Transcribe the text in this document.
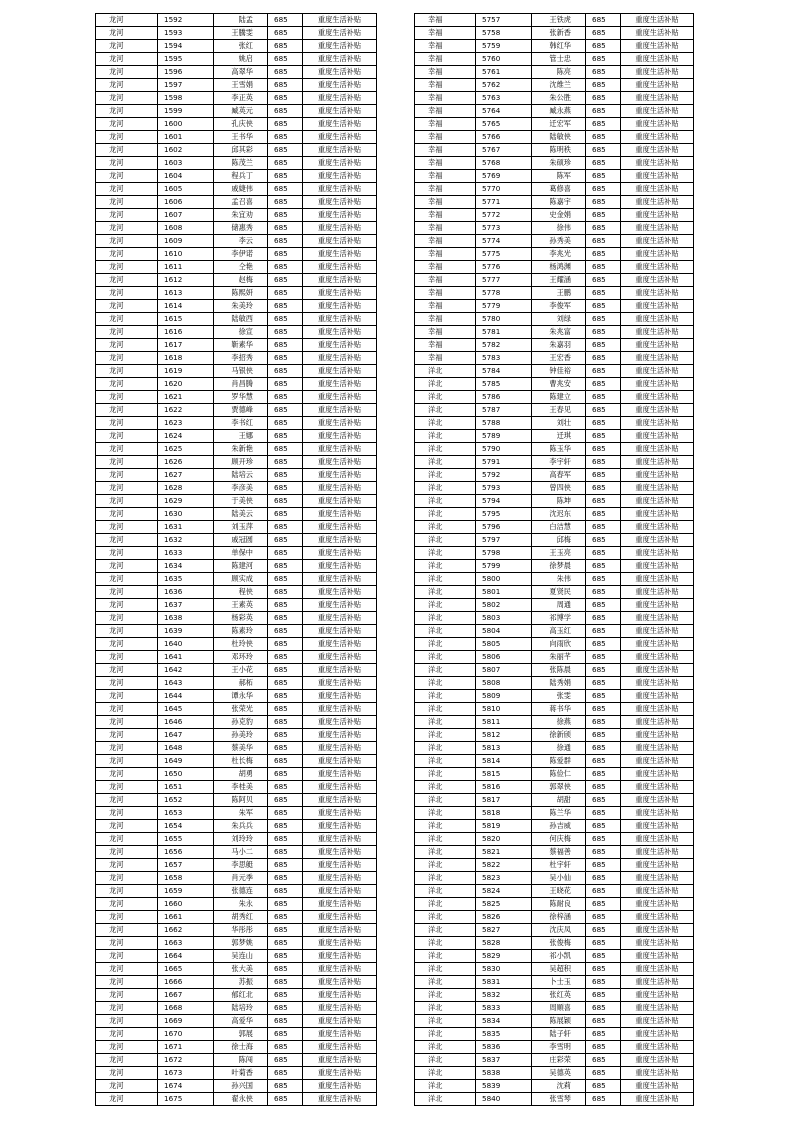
龙河	1592	陆孟	685	重度生活补贴
龙河	1593	王騰雯	685	重度生活补贴
龙河	1594	张红	685	重度生活补贴
龙河	1595	姚启	685	重度生活补贴
龙河	1596	高翠华	685	重度生活补贴
龙河	1597	王雪娟	685	重度生活补贴
龙河	1598	李正英	685	重度生活补贴
龙河	1599	臧英元	685	重度生活补贴
龙河	1600	孔庆侠	685	重度生活补贴
龙河	1601	王书华	685	重度生活补贴
龙河	1602	邱其彩	685	重度生活补贴
龙河	1603	陈茂兰	685	重度生活补贴
龙河	1604	程兵丁	685	重度生活补贴
龙河	1605	戚婕伟	685	重度生活补贴
龙河	1606	孟召喜	685	重度生活补贴
龙河	1607	朱宜劝	685	重度生活补贴
龙河	1608	储惠秀	685	重度生活补贴
龙河	1609	李云	685	重度生活补贴
龙河	1610	李伊诺	685	重度生活补贴
龙河	1611	仝艳	685	重度生活补贴
龙河	1612	赵梅	685	重度生活补贴
龙河	1613	陈熙妍	685	重度生活补贴
龙河	1614	朱美玲	685	重度生活补贴
龙河	1615	陆敏西	685	重度生活补贴
龙河	1616	徐宣	685	重度生活补贴
龙河	1617	靳素华	685	重度生活补贴
龙河	1618	李招秀	685	重度生活补贴
龙河	1619	马银侠	685	重度生活补贴
龙河	1620	肖昌腾	685	重度生活补贴
龙河	1621	罗华慧	685	重度生活补贴
龙河	1622	贾德峰	685	重度生活补贴
龙河	1623	李书红	685	重度生活补贴
龙河	1624	王娜	685	重度生活补贴
龙河	1625	朱新艳	685	重度生活补贴
龙河	1626	顾开珍	685	重度生活补贴
龙河	1627	陆培云	685	重度生活补贴
龙河	1628	李彦美	685	重度生活补贴
龙河	1629	于美侠	685	重度生活补贴
龙河	1630	陆美云	685	重度生活补贴
龙河	1631	刘玉萍	685	重度生活补贴
龙河	1632	戚冠圆	685	重度生活补贴
龙河	1633	单保中	685	重度生活补贴
龙河	1634	陈建河	685	重度生活补贴
龙河	1635	顾实成	685	重度生活补贴
龙河	1636	程侠	685	重度生活补贴
龙河	1637	王素英	685	重度生活补贴
龙河	1638	杨彩英	685	重度生活补贴
龙河	1639	陈素玲	685	重度生活补贴
龙河	1640	杜玲侠	685	重度生活补贴
龙河	1641	邓环玲	685	重度生活补贴
龙河	1642	王小花	685	重度生活补贴
龙河	1643	郝柘	685	重度生活补贴
龙河	1644	谭永华	685	重度生活补贴
龙河	1645	张荣光	685	重度生活补贴
龙河	1646	孙克豹	685	重度生活补贴
龙河	1647	孙美玲	685	重度生活补贴
龙河	1648	蔡美华	685	重度生活补贴
龙河	1649	杜长梅	685	重度生活补贴
龙河	1650	胡勇	685	重度生活补贴
龙河	1651	李桂美	685	重度生活补贴
龙河	1652	陈阿贝	685	重度生活补贴
龙河	1653	朱军	685	重度生活补贴
龙河	1654	朱兵兵	685	重度生活补贴
龙河	1655	刘玲玲	685	重度生活补贴
龙河	1656	马小二	685	重度生活补贴
龙河	1657	李思艇	685	重度生活补贴
龙河	1658	肖元季	685	重度生活补贴
龙河	1659	张德连	685	重度生活补贴
龙河	1660	朱永	685	重度生活补贴
龙河	1661	胡秀红	685	重度生活补贴
龙河	1662	华彤彤	685	重度生活补贴
龙河	1663	郭梦姚	685	重度生活补贴
龙河	1664	吴连山	685	重度生活补贴
龙河	1665	张大美	685	重度生活补贴
龙河	1666	苏振	685	重度生活补贴
龙河	1667	郁红北	685	重度生活补贴
龙河	1668	陆培玲	685	重度生活补贴
龙河	1669	高爱华	685	重度生活补贴
龙河	1670	郭展	685	重度生活补贴
龙河	1671	徐士海	685	重度生活补贴
龙河	1672	陈闯	685	重度生活补贴
龙河	1673	叶菊香	685	重度生活补贴
龙河	1674	孙兴国	685	重度生活补贴
龙河	1675	翟永侠	685	重度生活补贴
幸福	5757	王铁虎	685	重度生活补贴
幸福	5758	张新香	685	重度生活补贴
幸福	5759	韩红华	685	重度生活补贴
幸福	5760	管士忠	685	重度生活补贴
幸福	5761	陈亮	685	重度生活补贴
幸福	5762	沈维兰	685	重度生活补贴
幸福	5763	朱公胜	685	重度生活补贴
幸福	5764	臧永燕	685	重度生活补贴
幸福	5765	迁宏军	685	重度生活补贴
幸福	5766	陆敏侠	685	重度生活补贴
幸福	5767	陈明秩	685	重度生活补贴
幸福	5768	朱硕珍	685	重度生活补贴
幸福	5769	陈军	685	重度生活补贴
幸福	5770	葛修喜	685	重度生活补贴
幸福	5771	陈嘉宇	685	重度生活补贴
幸福	5772	史金娟	685	重度生活补贴
幸福	5773	徐伟	685	重度生活补贴
幸福	5774	孙秀美	685	重度生活补贴
幸福	5775	李兆光	685	重度生活补贴
幸福	5776	杨鸿渊	685	重度生活补贴
幸福	5777	王耀涵	685	重度生活补贴
幸福	5778	王鹏	685	重度生活补贴
幸福	5779	李俊军	685	重度生活补贴
幸福	5780	刘绿	685	重度生活补贴
幸福	5781	朱兆富	685	重度生活补贴
幸福	5782	朱嘉羽	685	重度生活补贴
幸福	5783	王宏香	685	重度生活补贴
洋北	5784	钟佳裕	685	重度生活补贴
洋北	5785	曹兆安	685	重度生活补贴
洋北	5786	陈建立	685	重度生活补贴
洋北	5787	王春见	685	重度生活补贴
洋北	5788	刘壮	685	重度生活补贴
洋北	5789	迁琪	685	重度生活补贴
洋北	5790	陈玉华	685	重度生活补贴
洋北	5791	李宇轩	685	重度生活补贴
洋北	5792	高春军	685	重度生活补贴
洋北	5793	曾四侠	685	重度生活补贴
洋北	5794	陈坤	685	重度生活补贴
洋北	5795	沈迟东	685	重度生活补贴
洋北	5796	白洁慧	685	重度生活补贴
洋北	5797	邱梅	685	重度生活补贴
洋北	5798	王玉亮	685	重度生活补贴
洋北	5799	徐梦晨	685	重度生活补贴
洋北	5800	朱伟	685	重度生活补贴
洋北	5801	夏贤民	685	重度生活补贴
洋北	5802	周通	685	重度生活补贴
洋北	5803	祁博学	685	重度生活补贴
洋北	5804	高玉红	685	重度生活补贴
洋北	5805	向雨欣	685	重度生活补贴
洋北	5806	朱丽芊	685	重度生活补贴
洋北	5807	张陈晨	685	重度生活补贴
洋北	5808	陆秀娟	685	重度生活补贴
洋北	5809	张雯	685	重度生活补贴
洋北	5810	蒋书华	685	重度生活补贴
洋北	5811	徐燕	685	重度生活补贴
洋北	5812	徐新颀	685	重度生活补贴
洋北	5813	徐通	685	重度生活补贴
洋北	5814	陈爱群	685	重度生活补贴
洋北	5815	陈俭仁	685	重度生活补贴
洋北	5816	郭翠侠	685	重度生活补贴
洋北	5817	胡甜	685	重度生活补贴
洋北	5818	陈兰华	685	重度生活补贴
洋北	5819	孙吉威	685	重度生活补贴
洋北	5820	何庆梅	685	重度生活补贴
洋北	5821	蔡福善	685	重度生活补贴
洋北	5822	杜宇轩	685	重度生活补贴
洋北	5823	吴小仙	685	重度生活补贴
洋北	5824	王晓花	685	重度生活补贴
洋北	5825	陈耐良	685	重度生活补贴
洋北	5826	徐梓涵	685	重度生活补贴
洋北	5827	沈庆凤	685	重度生活补贴
洋北	5828	张俊梅	685	重度生活补贴
洋北	5829	祁小凯	685	重度生活补贴
洋北	5830	吴超积	685	重度生活补贴
洋北	5831	卜士玉	685	重度生活补贴
洋北	5832	张红英	685	重度生活补贴
洋北	5833	周順喜	685	重度生活补贴
洋北	5834	陈展颖	685	重度生活补贴
洋北	5835	陆子轩	685	重度生活补贴
洋北	5836	李雪明	685	重度生活补贴
洋北	5837	庄彩荣	685	重度生活补贴
洋北	5838	吴德英	685	重度生活补贴
洋北	5839	沈莉	685	重度生活补贴
洋北	5840	张雪琴	685	重度生活补贴
